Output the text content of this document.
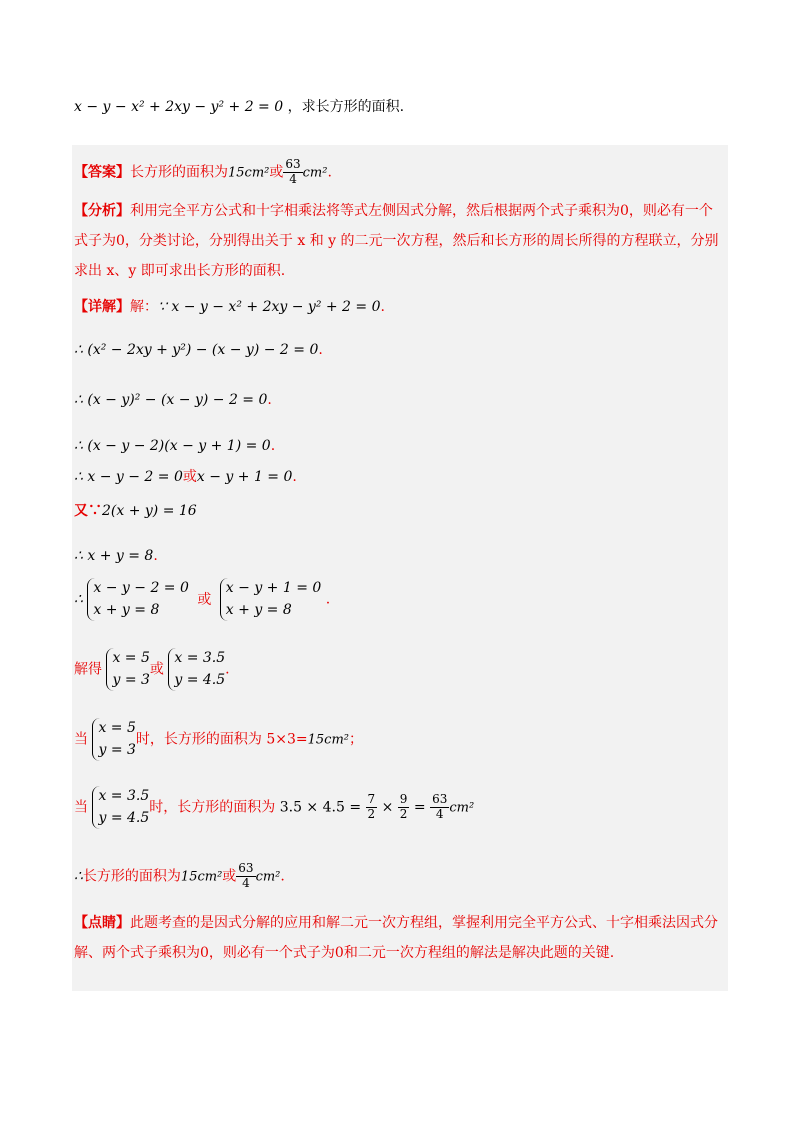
x − y − x² + 2xy − y² + 2 = 0 ，求长方形的面积.
【答案】长方形的面积为15cm²或 $\frac{63}{4} cm^2$.
【分析】利用完全平方公式和十字相乘法将等式左侧因式分解，然后根据两个式子乘积为0，则必有一个式子为0，分类讨论，分别得出关于 x 和 y 的二元一次方程，然后和长方形的周长所得的方程联立，分别求出 x、y 即可求出长方形的面积.
【详解】解：∵ x − y − x² + 2xy − y² + 2 = 0.
∴ (x² − 2xy + y²) − (x − y) − 2 = 0.
∴ (x − y)² − (x − y) − 2 = 0.
∴ (x − y − 2)(x − y + 1) = 0.
∴ x − y − 2 = 0或x − y + 1 = 0.
又∵2(x + y) = 16
∴ x + y = 8.
∴
x − y − 2 = 0
x + y = 8
或
x − y + 1 = 0
x + y = 8
.
解得
x = 5
y = 3
或
x = 3.5
y = 4.5
.
当
x = 5
y = 3
时，长方形的面积为 5×3=15cm²；
当
x = 3.5
y = 4.5
时，长方形的面积为 $3.5 \times 4.5 = \frac{7}{2} \times \frac{9}{2} = \frac{63}{4} cm^2$
∴长方形的面积为15cm²或 $\frac{63}{4} cm^2$.
【点睛】此题考查的是因式分解的应用和解二元一次方程组，掌握利用完全平方公式、十字相乘法因式分解、两个式子乘积为0，则必有一个式子为0和二元一次方程组的解法是解决此题的关键.
